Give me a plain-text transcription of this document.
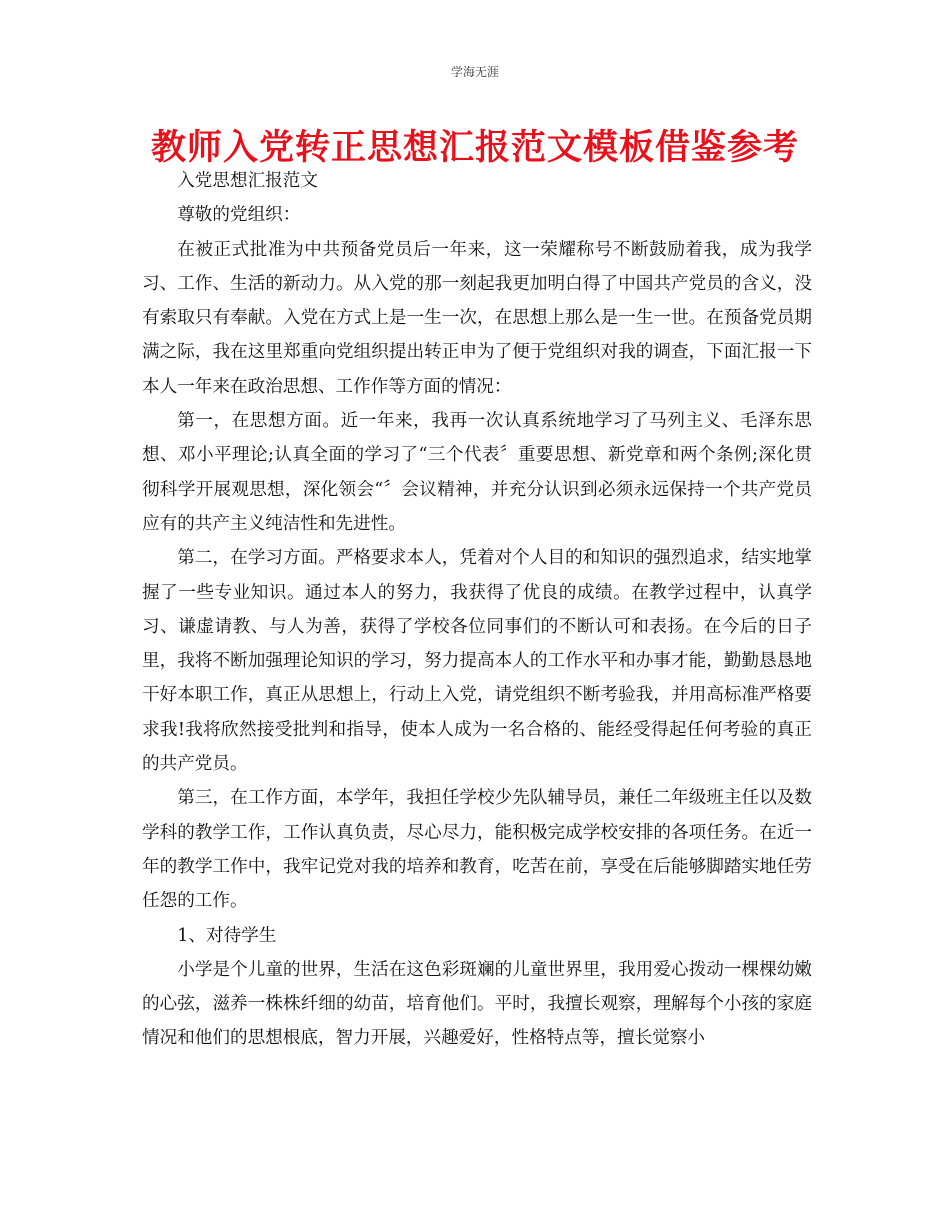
学海无涯
教师入党转正思想汇报范文模板借鉴参考

入党思想汇报范文

尊敬的党组织：

在被正式批准为中共预备党员后一年来，这一荣耀称号不断鼓励着我，成为我学习、工作、生活的新动力。从入党的那一刻起我更加明白得了中国共产党员的含义，没有索取只有奉献。入党在方式上是一生一次，在思想上那么是一生一世。在预备党员期满之际，我在这里郑重向党组织提出转正申为了便于党组织对我的调查，下面汇报一下本人一年来在政治思想、工作作等方面的情况：

第一，在思想方面。近一年来，我再一次认真系统地学习了马列主义、毛泽东思想、邓小平理论;认真全面的学习了“三个代表〞重要思想、新党章和两个条例;深化贯彻科学开展观思想，深化领会“〞会议精神，并充分认识到必须永远保持一个共产党员应有的共产主义纯洁性和先进性。

第二，在学习方面。严格要求本人，凭着对个人目的和知识的强烈追求，结实地掌握了一些专业知识。通过本人的努力，我获得了优良的成绩。在教学过程中，认真学习、谦虚请教、与人为善，获得了学校各位同事们的不断认可和表扬。在今后的日子里，我将不断加强理论知识的学习，努力提高本人的工作水平和办事才能，勤勤恳恳地干好本职工作，真正从思想上，行动上入党，请党组织不断考验我，并用高标准严格要求我!我将欣然接受批判和指导，使本人成为一名合格的、能经受得起任何考验的真正的共产党员。

第三，在工作方面，本学年，我担任学校少先队辅导员，兼任二年级班主任以及数学科的教学工作，工作认真负责，尽心尽力，能积极完成学校安排的各项任务。在近一年的教学工作中，我牢记党对我的培养和教育，吃苦在前，享受在后能够脚踏实地任劳任怨的工作。

1、对待学生

小学是个儿童的世界，生活在这色彩斑斓的儿童世界里，我用爱心拨动一棵棵幼嫩的心弦，滋养一株株纤细的幼苗，培育他们。平时，我擅长观察，理解每个小孩的家庭情况和他们的思想根底，智力开展，兴趣爱好，性格特点等，擅长觉察小
